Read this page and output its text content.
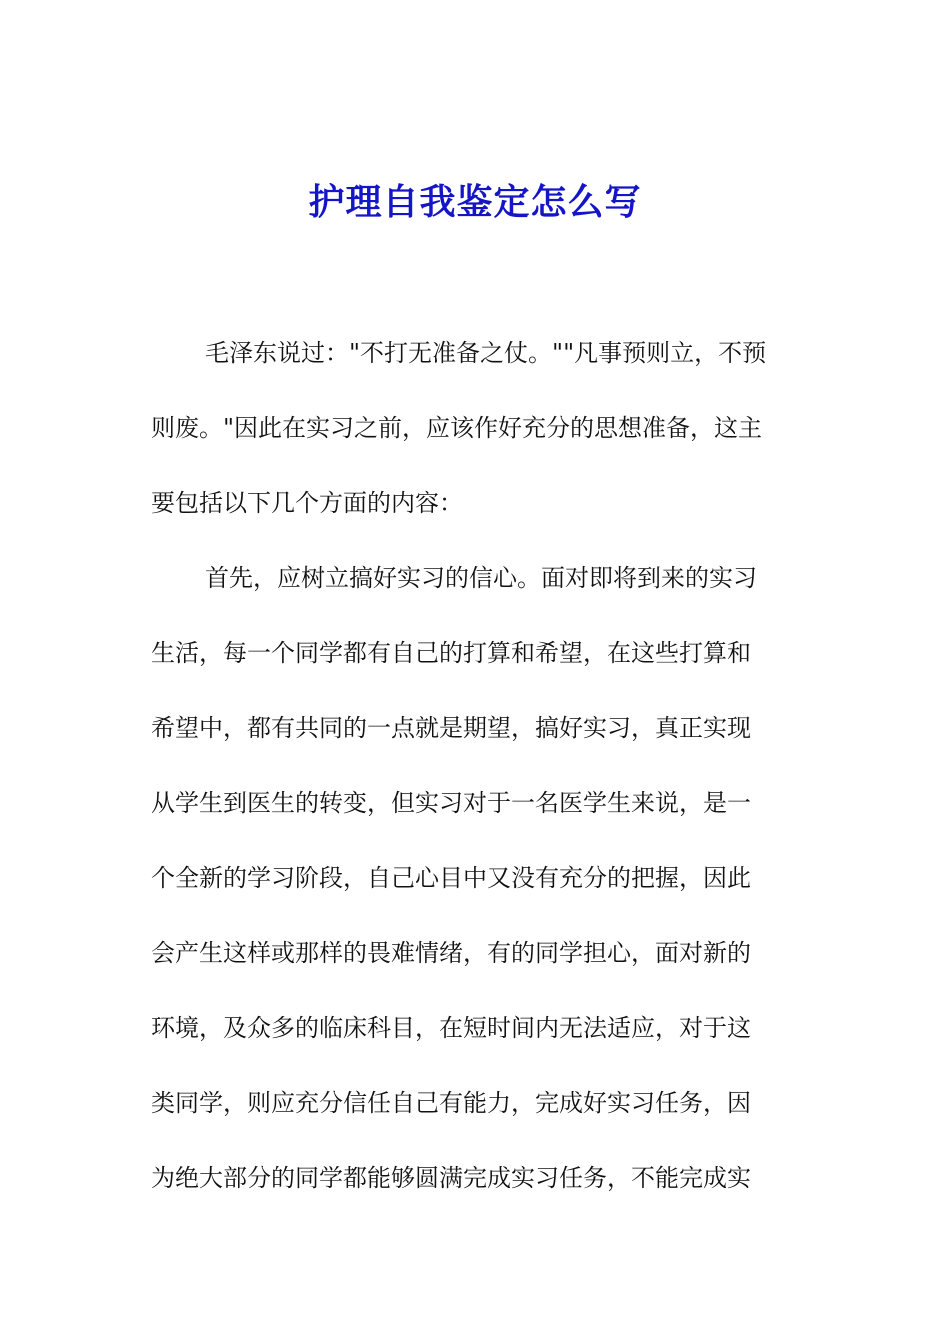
护理自我鉴定怎么写
毛泽东说过："不打无准备之仗。""凡事预则立，不预
则废。"因此在实习之前，应该作好充分的思想准备，这主
要包括以下几个方面的内容：
首先，应树立搞好实习的信心。面对即将到来的实习
生活，每一个同学都有自己的打算和希望，在这些打算和
希望中，都有共同的一点就是期望，搞好实习，真正实现
从学生到医生的转变，但实习对于一名医学生来说，是一
个全新的学习阶段，自己心目中又没有充分的把握，因此
会产生这样或那样的畏难情绪，有的同学担心，面对新的
环境，及众多的临床科目，在短时间内无法适应，对于这
类同学，则应充分信任自己有能力，完成好实习任务，因
为绝大部分的同学都能够圆满完成实习任务，不能完成实
